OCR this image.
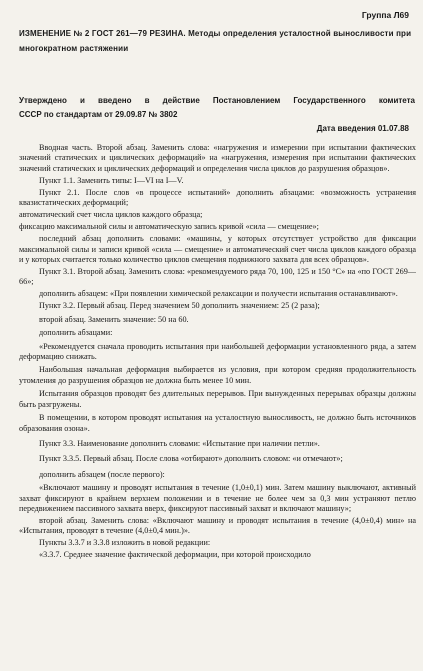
Группа Л69
ИЗМЕНЕНИЕ № 2 ГОСТ 261—79 РЕЗИНА. Методы определения усталостной выносливости при многократном растяжении
Утверждено и введено в действие Постановлением Государственного комитета
СССР по стандартам от 29.09.87 № 3802
Дата введения 01.07.88

Вводная часть. Второй абзац. Заменить слова: «нагружения и измерении при испытании фактических значений статических и циклических деформаций» на «нагружения, измерения при испытании фактических значений статических и циклических деформаций и определения числа циклов до разрушения образцов».

Пункт 1.1. Заменить типы: I—VI на I—V.

Пункт 2.1. После слов «в процессе испытаний» дополнить абзацами: «возможность устранения квазистатических деформаций;

автоматический счет числа циклов каждого образца;

фиксацию максимальной силы и автоматическую запись кривой «сила — смещение»;

последний абзац дополнить словами: «машины, у которых отсутствует устройство для фиксации максимальной силы и записи кривой «сила — смещение» и автоматический счет числа циклов каждого образца и у которых считается только количество циклов смещения подвижного захвата для всех образцов».

Пункт 3.1. Второй абзац. Заменить слова: «рекомендуемого ряда 70, 100, 125 и 150 °С» на «по ГОСТ 269—66»;

дополнить абзацем: «При появлении химической релаксации и получести испытания останавливают».

Пункт 3.2. Первый абзац. Перед значением 50 дополнить значением: 25 (2 раза);

второй абзац. Заменить значение: 50 на 60.

дополнить абзацами:

«Рекомендуется сначала проводить испытания при наибольшей деформации установленного ряда, а затем деформацию снижать.

Наибольшая начальная деформация выбирается из условия, при котором средняя продолжительность утомления до разрушения образцов не должна быть менее 10 мин.

Испытания образцов проводят без длительных перерывов. При вынужденных перерывах образцы должны быть разгружены.

В помещении, в котором проводят испытания на усталостную выносливость, не должно быть источников образования озона».

Пункт 3.3. Наименование дополнить словами: «Испытание при наличии петли».

Пункт 3.3.5. Первый абзац. После слова «отбирают» дополнить словом: «и отмечают»;

дополнить абзацем (после первого):

«Включают машину и проводят испытания в течение (1,0±0,1) мин. Затем машину выключают, активный захват фиксируют в крайнем верхнем положении и в течение не более чем за 0,3 мин устраняют петлю передвижением пассивного захвата вверх, фиксируют пассивный захват и включают машину»;

второй абзац. Заменить слова: «Включают машину и проводят испытания в течение (4,0±0,4) мин» на «Испытания, проводят в течение (4,0±0,4 мин.)».

Пункты 3.3.7 и 3.3.8 изложить в новой редакции:

«3.3.7. Среднее значение фактической деформации, при которой происходило
